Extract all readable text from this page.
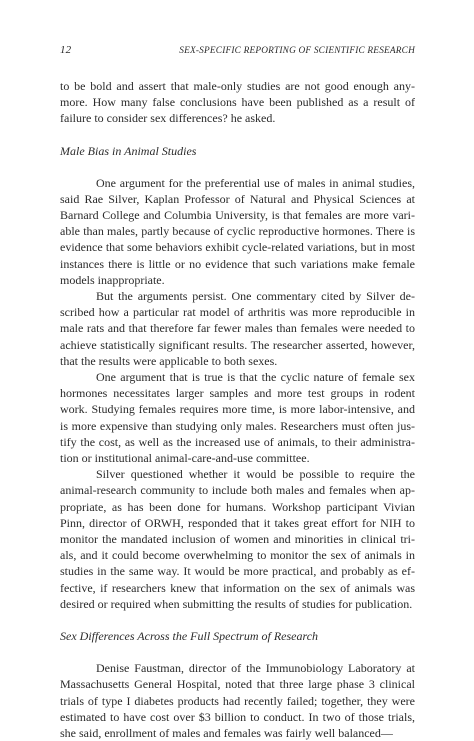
12	SEX-SPECIFIC REPORTING OF SCIENTIFIC RESEARCH

to be bold and assert that male-only studies are not good enough anymore. How many false conclusions have been published as a result of failure to consider sex differences? he asked.

Male Bias in Animal Studies

One argument for the preferential use of males in animal studies, said Rae Silver, Kaplan Professor of Natural and Physical Sciences at Barnard College and Columbia University, is that females are more variable than males, partly because of cyclic reproductive hormones. There is evidence that some behaviors exhibit cycle-related variations, but in most instances there is little or no evidence that such variations make female models inappropriate.

But the arguments persist. One commentary cited by Silver described how a particular rat model of arthritis was more reproducible in male rats and that therefore far fewer males than females were needed to achieve statistically significant results. The researcher asserted, however, that the results were applicable to both sexes.

One argument that is true is that the cyclic nature of female sex hormones necessitates larger samples and more test groups in rodent work. Studying females requires more time, is more labor-intensive, and is more expensive than studying only males. Researchers must often justify the cost, as well as the increased use of animals, to their administration or institutional animal-care-and-use committee.

Silver questioned whether it would be possible to require the animal-research community to include both males and females when appropriate, as has been done for humans. Workshop participant Vivian Pinn, director of ORWH, responded that it takes great effort for NIH to monitor the mandated inclusion of women and minorities in clinical trials, and it could become overwhelming to monitor the sex of animals in studies in the same way. It would be more practical, and probably as effective, if researchers knew that information on the sex of animals was desired or required when submitting the results of studies for publication.

Sex Differences Across the Full Spectrum of Research

Denise Faustman, director of the Immunobiology Laboratory at Massachusetts General Hospital, noted that three large phase 3 clinical trials of type I diabetes products had recently failed; together, they were estimated to have cost over $3 billion to conduct. In two of those trials, she said, enrollment of males and females was fairly well balanced—
